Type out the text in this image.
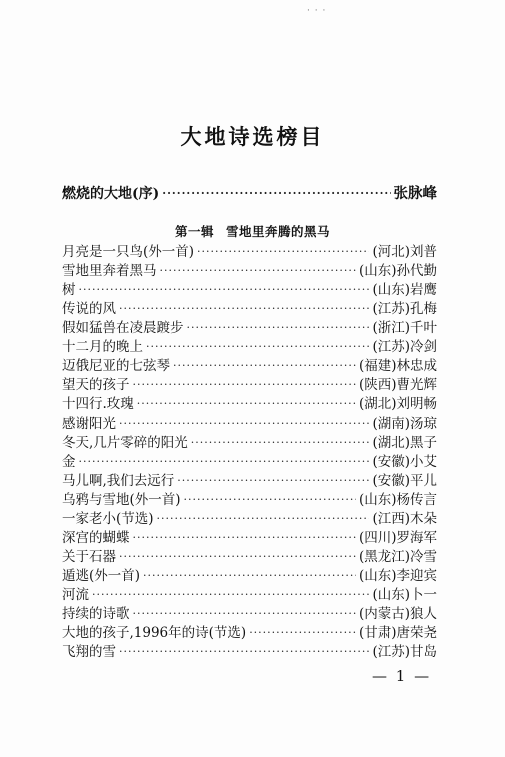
· · ·
大地诗选榜目
燃烧的大地(序) ·····	张脉峰
第一辑 雪地里奔腾的黑马
月亮是一只鸟(外一首) ·····	(河北)刘普
雪地里奔着黑马 ·····	(山东)孙代勤
树 ·····	(山东)岩鹰
传说的风 ·····	(江苏)孔梅
假如猛兽在凌晨踱步 ·····	(浙江)千叶
十二月的晚上 ·····	(江苏)冷剑
迈俄尼亚的七弦琴 ·····	(福建)林忠成
望天的孩子 ·····	(陕西)曹光辉
十四行.玫瑰 ·····	(湖北)刘明畅
感谢阳光 ·····	(湖南)汤琼
冬天,几片零碎的阳光 ·····	(湖北)黑子
金 ·····	(安徽)小艾
马儿啊,我们去远行 ·····	(安徽)平儿
乌鸦与雪地(外一首) ·····	(山东)杨传言
一家老小(节选) ·····	(江西)木朵
深宫的蝴蝶 ·····	(四川)罗海军
关于石器 ·····	(黑龙江)冷雪
遁逃(外一首) ·····	(山东)李迎宾
河流 ·····	(山东)卜一
持续的诗歌 ·····	(内蒙古)狼人
大地的孩子,1996年的诗(节选) ·····	(甘肃)唐荣尧
飞翔的雪 ·····	(江苏)甘岛
— 1 —
